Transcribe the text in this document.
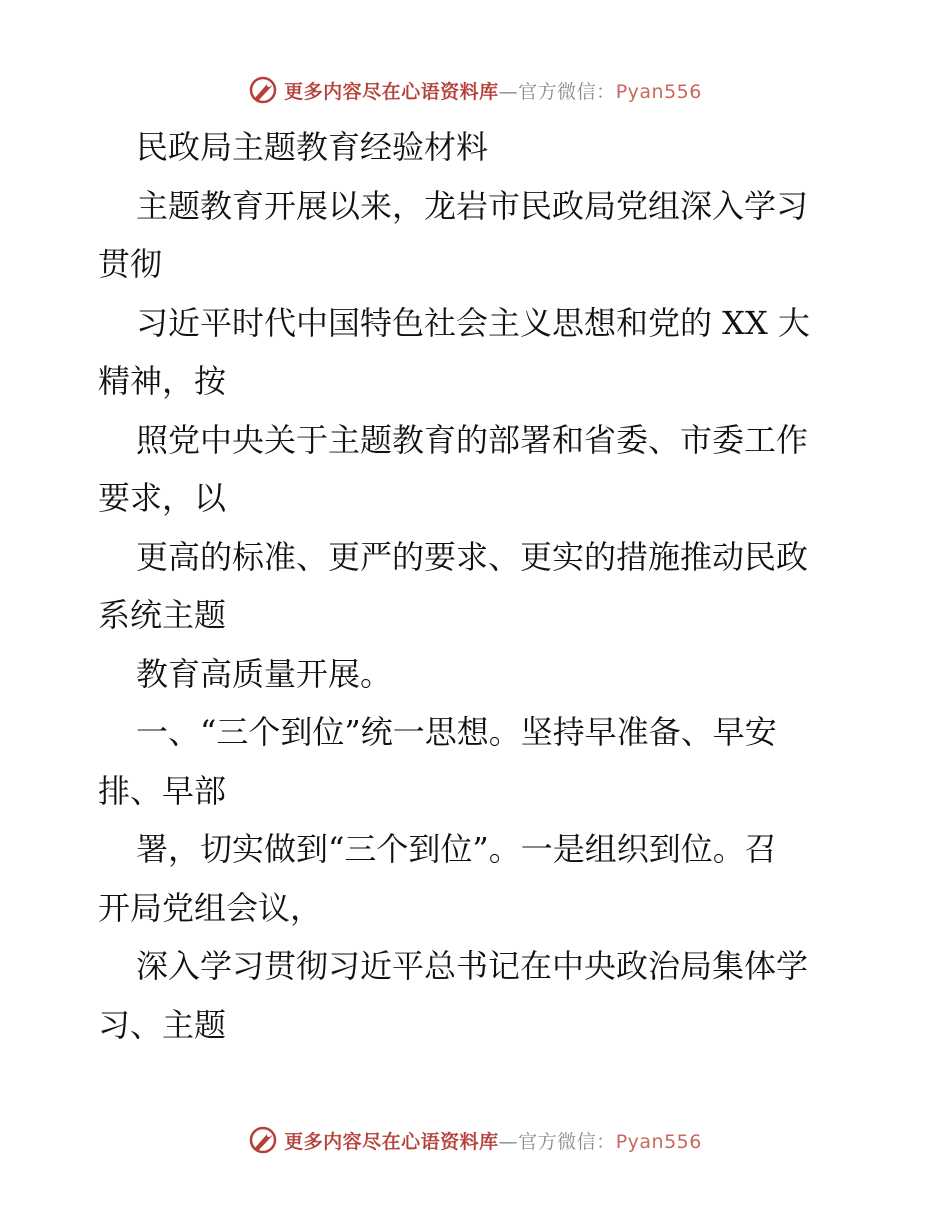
更多内容尽在心语资料库—官方微信：Pyan556
民政局主题教育经验材料
主题教育开展以来，龙岩市民政局党组深入学习
贯彻
习近平时代中国特色社会主义思想和党的 XX 大
精神，按
照党中央关于主题教育的部署和省委、市委工作
要求，以
更高的标准、更严的要求、更实的措施推动民政
系统主题
教育高质量开展。
一、“三个到位”统一思想。坚持早准备、早安
排、早部
署，切实做到“三个到位”。一是组织到位。召
开局党组会议，
深入学习贯彻习近平总书记在中央政治局集体学
习、主题
更多内容尽在心语资料库—官方微信：Pyan556
